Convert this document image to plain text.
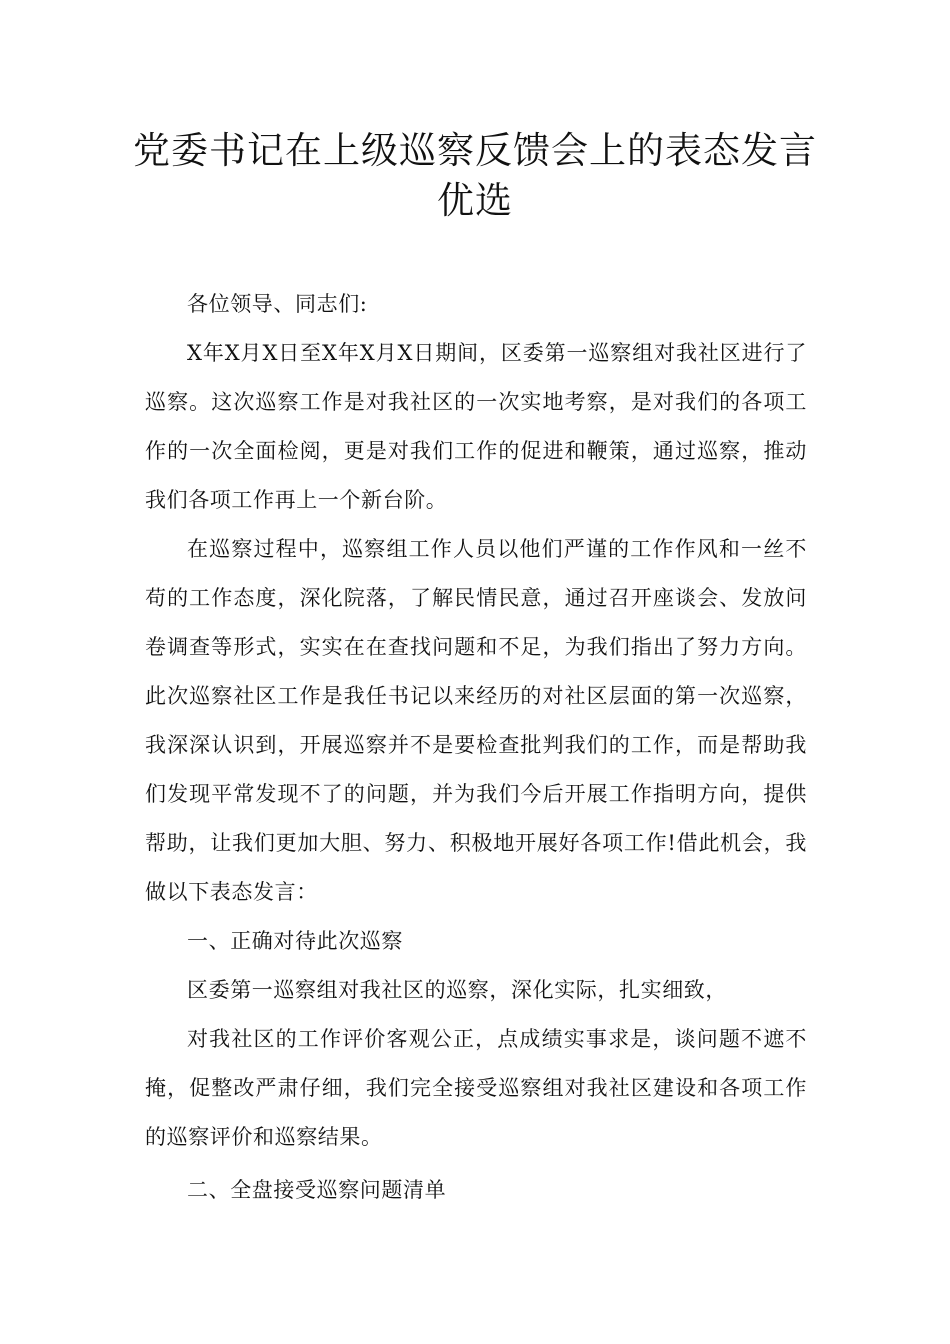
党委书记在上级巡察反馈会上的表态发言优选

各位领导、同志们:

X年X月X日至X年X月X日期间，区委第一巡察组对我社区进行了巡察。这次巡察工作是对我社区的一次实地考察，是对我们的各项工作的一次全面检阅，更是对我们工作的促进和鞭策，通过巡察，推动我们各项工作再上一个新台阶。

在巡察过程中，巡察组工作人员以他们严谨的工作作风和一丝不苟的工作态度，深化院落，了解民情民意，通过召开座谈会、发放问卷调查等形式，实实在在查找问题和不足，为我们指出了努力方向。此次巡察社区工作是我任书记以来经历的对社区层面的第一次巡察，我深深认识到，开展巡察并不是要检查批判我们的工作，而是帮助我们发现平常发现不了的问题，并为我们今后开展工作指明方向，提供帮助，让我们更加大胆、努力、积极地开展好各项工作!借此机会，我做以下表态发言：

一、正确对待此次巡察

区委第一巡察组对我社区的巡察，深化实际，扎实细致，

对我社区的工作评价客观公正，点成绩实事求是，谈问题不遮不掩，促整改严肃仔细，我们完全接受巡察组对我社区建设和各项工作的巡察评价和巡察结果。

二、全盘接受巡察问题清单
